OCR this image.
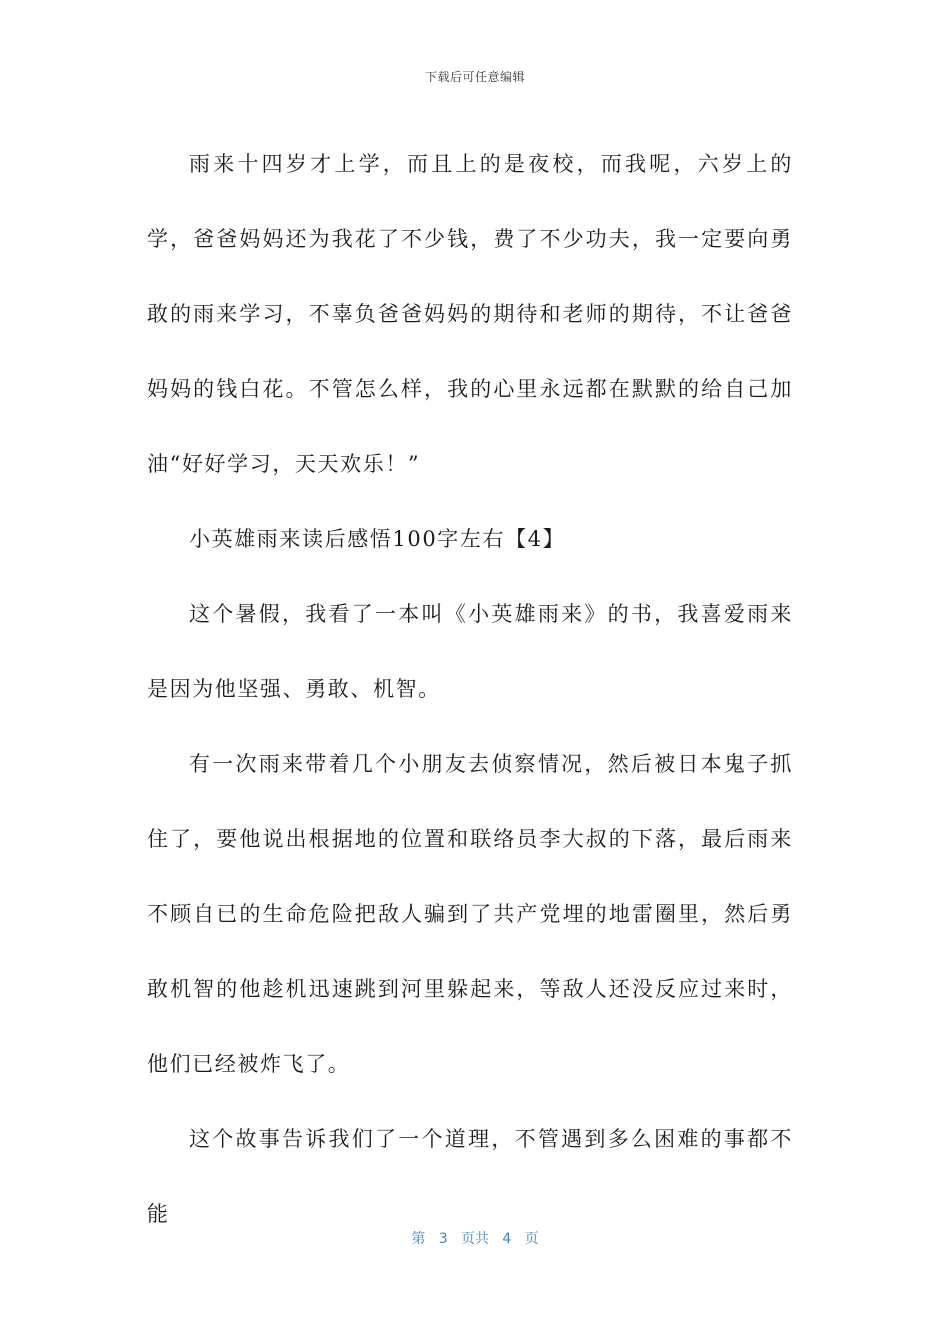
下载后可任意编辑

雨来十四岁才上学，而且上的是夜校，而我呢，六岁上的学，爸爸妈妈还为我花了不少钱，费了不少功夫，我一定要向勇敢的雨来学习，不辜负爸爸妈妈的期待和老师的期待，不让爸爸妈妈的钱白花。不管怎么样，我的心里永远都在默默的给自己加油“好好学习，天天欢乐！”

小英雄雨来读后感悟100字左右【4】

这个暑假，我看了一本叫《小英雄雨来》的书，我喜爱雨来是因为他坚强、勇敢、机智。

有一次雨来带着几个小朋友去侦察情况，然后被日本鬼子抓住了，要他说出根据地的位置和联络员李大叔的下落，最后雨来不顾自已的生命危险把敌人骗到了共产党埋的地雷圈里，然后勇敢机智的他趁机迅速跳到河里躲起来，等敌人还没反应过来时，他们已经被炸飞了。

这个故事告诉我们了一个道理，不管遇到多么困难的事都不能

第 3 页共 4 页
